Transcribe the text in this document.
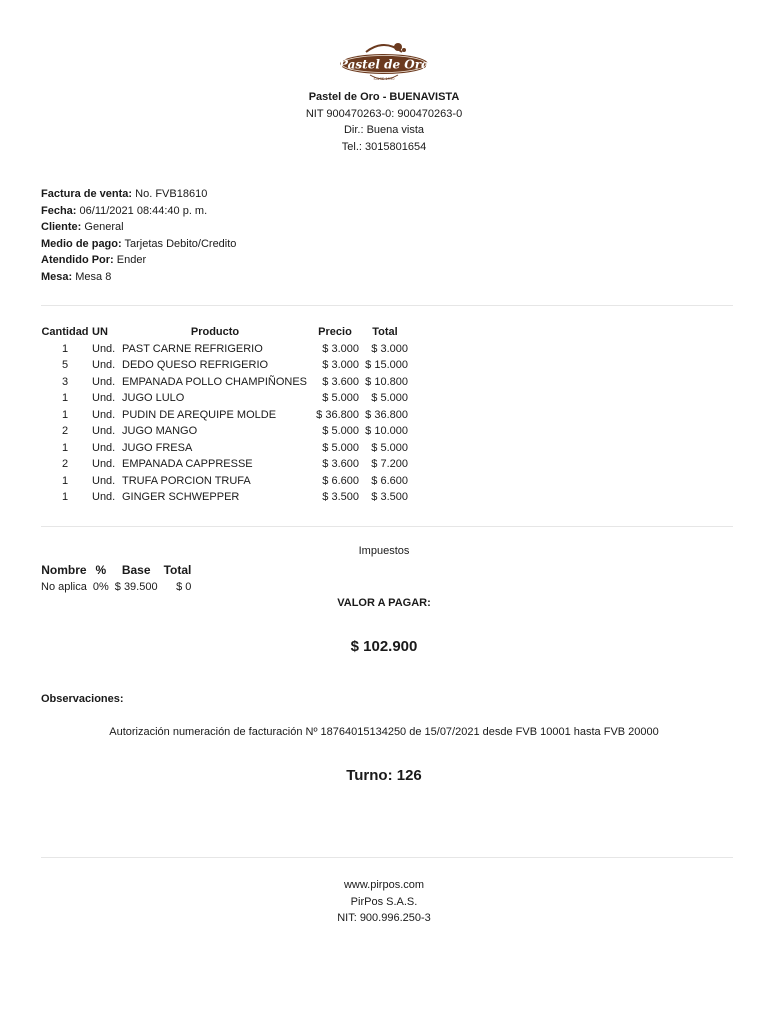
Pastel de Oro
SINCE 1990
Pastel de Oro - BUENAVISTA
NIT 900470263-0: 900470263-0
Dir.: Buena vista
Tel.: 3015801654
Factura de venta: No. FVB18610
Fecha: 06/11/2021 08:44:40 p. m.
Cliente: General
Medio de pago: Tarjetas Debito/Credito
Atendido Por: Ender
Mesa: Mesa 8
Cantidad	UN	Producto	Precio	Total
1	Und.	PAST CARNE REFRIGERIO	$ 3.000	$ 3.000
5	Und.	DEDO QUESO REFRIGERIO	$ 3.000	$ 15.000
3	Und.	EMPANADA POLLO CHAMPIÑONES	$ 3.600	$ 10.800
1	Und.	JUGO LULO	$ 5.000	$ 5.000
1	Und.	PUDIN DE AREQUIPE MOLDE	$ 36.800	$ 36.800
2	Und.	JUGO MANGO	$ 5.000	$ 10.000
1	Und.	JUGO FRESA	$ 5.000	$ 5.000
2	Und.	EMPANADA CAPPRESSE	$ 3.600	$ 7.200
1	Und.	TRUFA PORCION TRUFA	$ 6.600	$ 6.600
1	Und.	GINGER SCHWEPPER	$ 3.500	$ 3.500
Impuestos
Nombre	%	Base	Total
No aplica	0%	$ 39.500	$ 0
VALOR A PAGAR:
$ 102.900
Observaciones:
Autorización numeración de facturación Nº 18764015134250 de 15/07/2021 desde FVB 10001 hasta FVB 20000
Turno: 126
www.pirpos.com
PirPos S.A.S.
NIT: 900.996.250-3
